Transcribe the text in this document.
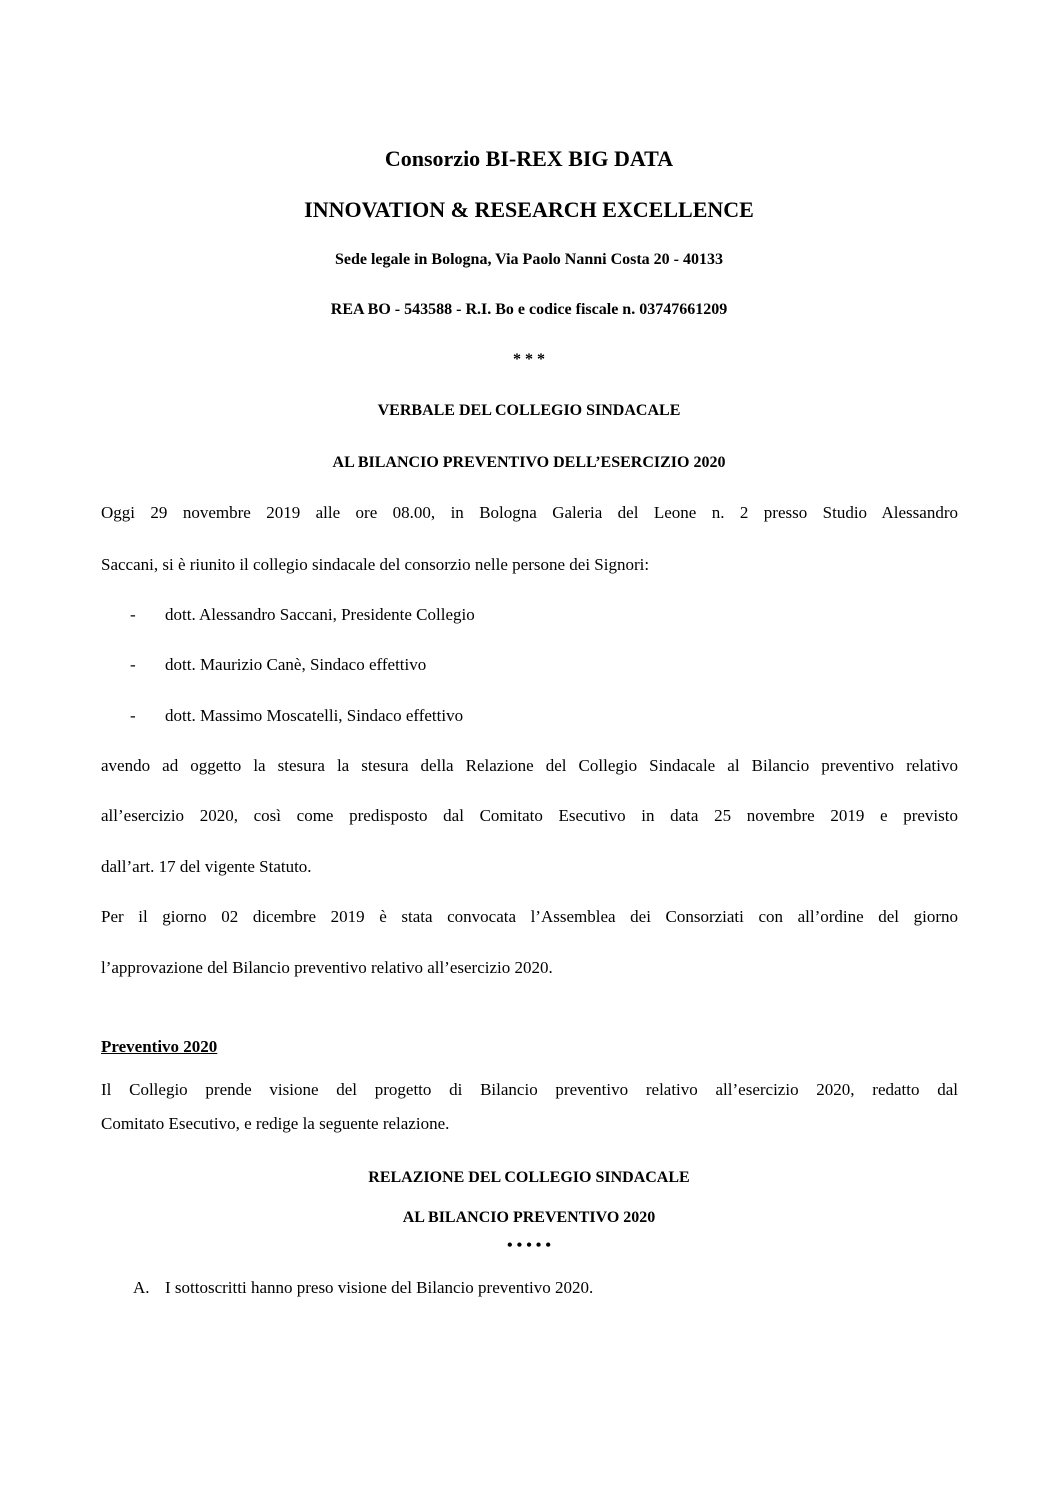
Consorzio BI-REX BIG DATA
INNOVATION & RESEARCH EXCELLENCE
Sede legale in Bologna, Via Paolo Nanni Costa 20 - 40133
REA BO - 543588 - R.I. Bo e codice fiscale n. 03747661209
* * *
VERBALE DEL COLLEGIO SINDACALE
AL BILANCIO PREVENTIVO DELL’ESERCIZIO 2020
Oggi 29 novembre 2019 alle ore 08.00, in Bologna Galeria del Leone n. 2 presso Studio Alessandro
Saccani, si è riunito il collegio sindacale del consorzio nelle persone dei Signori:
- dott. Alessandro Saccani, Presidente Collegio
- dott. Maurizio Canè, Sindaco effettivo
- dott. Massimo Moscatelli, Sindaco effettivo
avendo ad oggetto la stesura la stesura della Relazione del Collegio Sindacale al Bilancio preventivo relativo
all’esercizio 2020, così come predisposto dal Comitato Esecutivo in data 25 novembre 2019 e previsto
dall’art. 17 del vigente Statuto.
Per il giorno 02 dicembre 2019 è stata convocata l’Assemblea dei Consorziati con all’ordine del giorno
l’approvazione del Bilancio preventivo relativo all’esercizio 2020.
Preventivo 2020
Il Collegio prende visione del progetto di Bilancio preventivo relativo all’esercizio 2020, redatto dal
Comitato Esecutivo, e redige la seguente relazione.
RELAZIONE DEL COLLEGIO SINDACALE
AL BILANCIO PREVENTIVO 2020
• • • • •
A. I sottoscritti hanno preso visione del Bilancio preventivo 2020.
